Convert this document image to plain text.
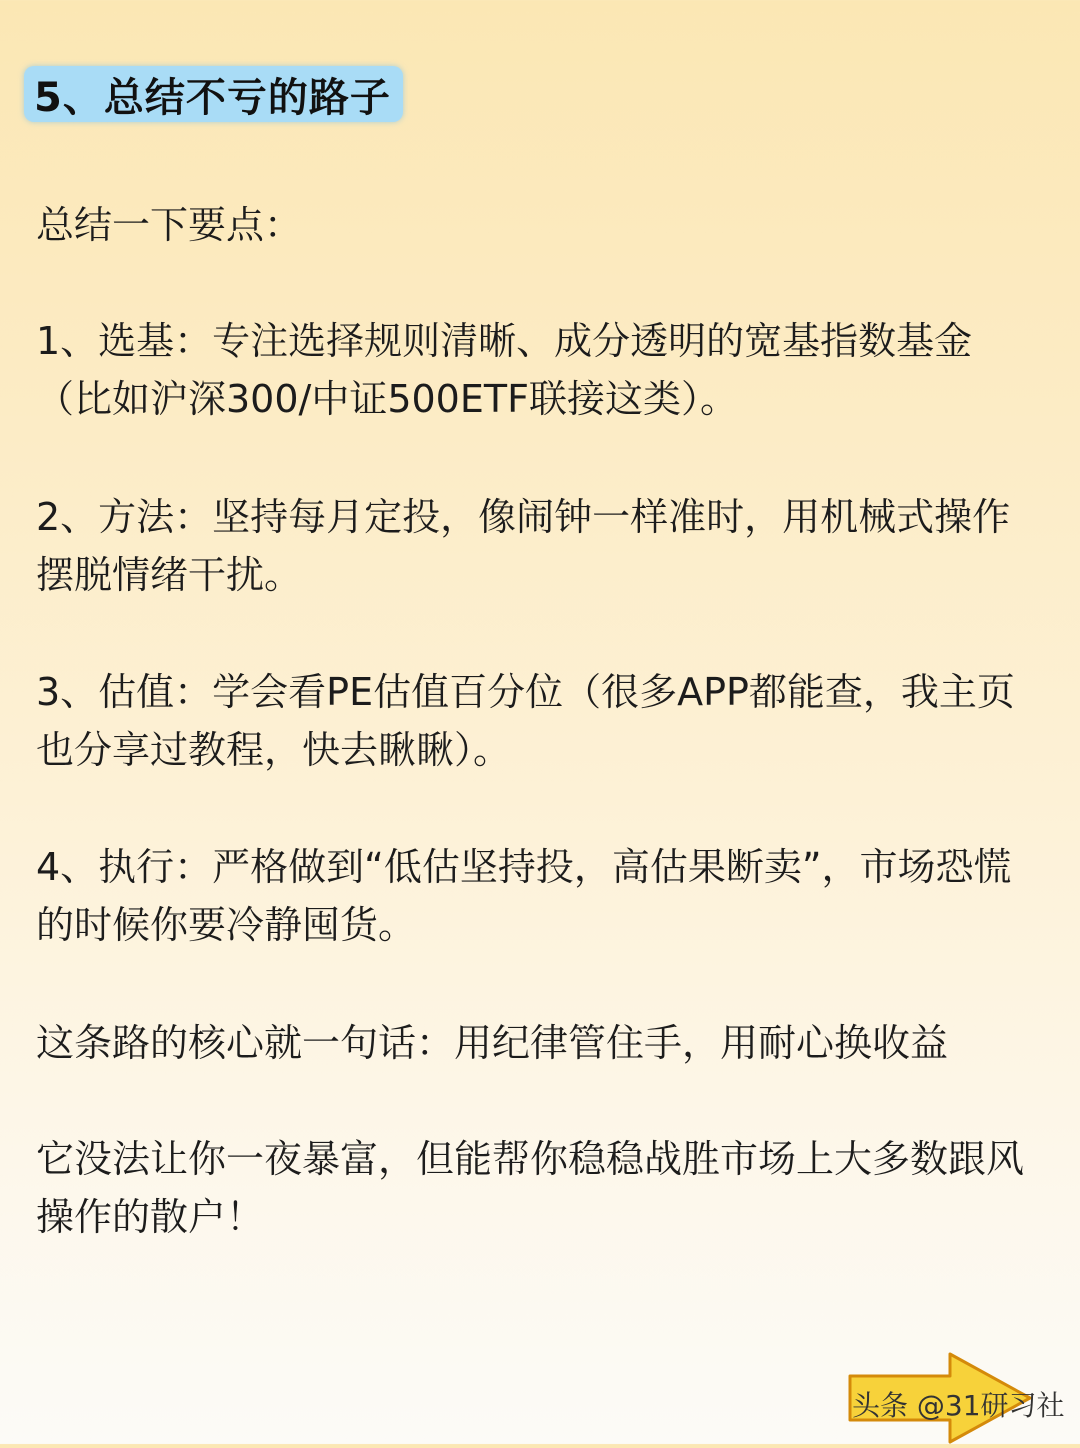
5、总结不亏的路子

总结一下要点：

1、选基：专注选择规则清晰、成分透明的宽基指数基金（比如沪深300/中证500ETF联接这类）。

2、方法：坚持每月定投，像闹钟一样准时，用机械式操作摆脱情绪干扰。

3、估值：学会看PE估值百分位（很多APP都能查，我主页也分享过教程，快去瞅瞅）。

4、执行：严格做到“低估坚持投，高估果断卖”，市场恐慌的时候你要冷静囤货。

这条路的核心就一句话：用纪律管住手，用耐心换收益

它没法让你一夜暴富，但能帮你稳稳战胜市场上大多数跟风操作的散户！

头条 @31研习社
